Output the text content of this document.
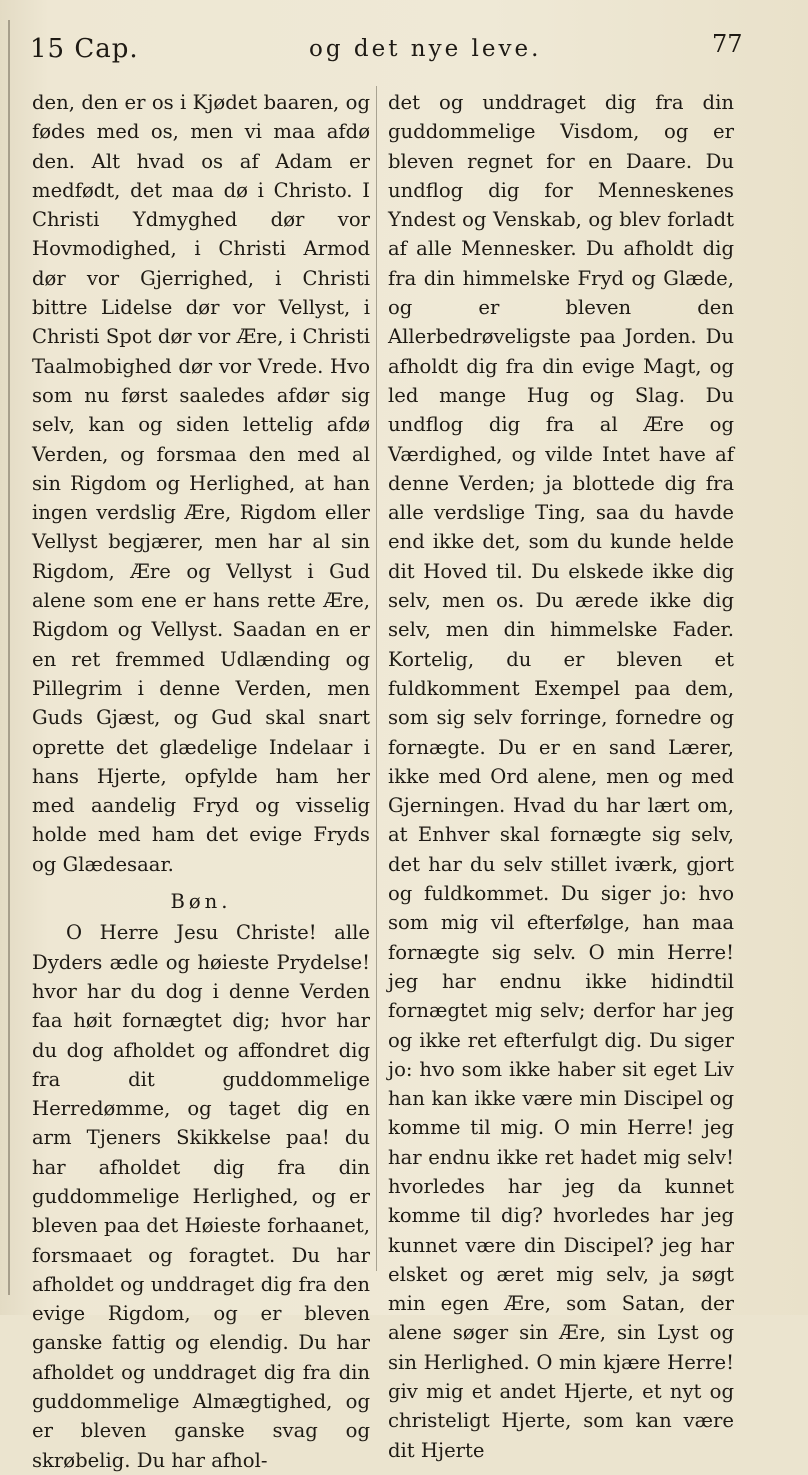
15 Cap.	og det nye levе.	77

den, den er os i Kjødet baaren, og fødes med os, men vi maa afdø den. Alt hvad os af Adam er medfødt, det maa dø i Christo. I Christi Ydmyghed dør vor Hovmodighed, i Christi Armod dør vor Gjerrighed, i Christi bittre Lidelse dør vor Vellyst, i Christi Spot dør vor Ære, i Christi Taalmobighed dør vor Vrede. Hvo som nu først saaledes afdør sig selv, kan og siden lettelig afdø Verden, og forsmaa den med al sin Rigdom og Herlighed, at han ingen verdslig Ære, Rigdom eller Vellyst begjærer, men har al sin Rigdom, Ære og Vellyst i Gud alene som ene er hans rette Ære, Rigdom og Vellyst. Saadan en er en ret fremmed Udlænding og Pillegrim i denne Verden, men Guds Gjæst, og Gud skal snart oprette det glædelige Indelaar i hans Hjerte, opfylde ham her med aandelig Fryd og visselig holde med ham det evige Fryds og Glædesaar.

Bøn.

O Herre Jesu Christe! alle Dyders ædle og høieste Prydelse! hvor har du dog i denne Verden faa høit fornægtet dig; hvor har du dog afholdet og affondret dig fra dit guddommelige Herredømme, og taget dig en arm Tjeners Skikkelse paa! du har afholdet dig fra din guddommelige Herlighed, og er bleven paa det Høieste forhaanet, forsmaaet og foragtet. Du har afholdet og unddraget dig fra den evige Rigdom, og er bleven ganske fattig og elendig. Du har afholdet og unddraget dig fra din guddommelige Almægtighed, og er bleven ganske svag og skrøbelig. Du har afhol-

det og unddraget dig fra din guddommelige Visdom, og er bleven regnet for en Daare. Du undflog dig for Menneskenes Yndest og Venskab, og blev forladt af alle Mennesker. Du afholdt dig fra din himmelske Fryd og Glæde, og er bleven den Allerbedrøveligste paa Jorden. Du afholdt dig fra din evige Magt, og led mange Hug og Slag. Du undflog dig fra al Ære og Værdighed, og vilde Intet have af denne Verden; ja blottede dig fra alle verdslige Ting, saa du havde end ikke det, som du kunde helde dit Hoved til. Du elskede ikke dig selv, men os. Du ærede ikke dig selv, men din himmelske Fader. Kortelig, du er bleven et fuldkomment Exempel paa dem, som sig selv forringe, fornedre og fornægte. Du er en sand Lærer, ikke med Ord alene, men og med Gjerningen. Hvad du har lært om, at Enhver skal fornægte sig selv, det har du selv stillet iværk, gjort og fuldkommet. Du siger jo: hvo som mig vil efterfølge, han maa fornægte sig selv. O min Herre! jeg har endnu ikke hidindtil fornægtet mig selv; derfor har jeg og ikke ret efterfulgt dig. Du siger jo: hvo som ikke haber sit eget Liv han kan ikke være min Discipel og komme til mig. O min Herre! jeg har endnu ikke ret hadet mig selv! hvorledes har jeg da kunnet komme til dig? hvorledes har jeg kunnet være din Discipel? jeg har elsket og æret mig selv, ja søgt min egen Ære, som Satan, der alene søger sin Ære, sin Lyst og sin Herlighed. O min kjære Herre! giv mig et andet Hjerte, et nyt og christeligt Hjerte, som kan være dit Hjerte
